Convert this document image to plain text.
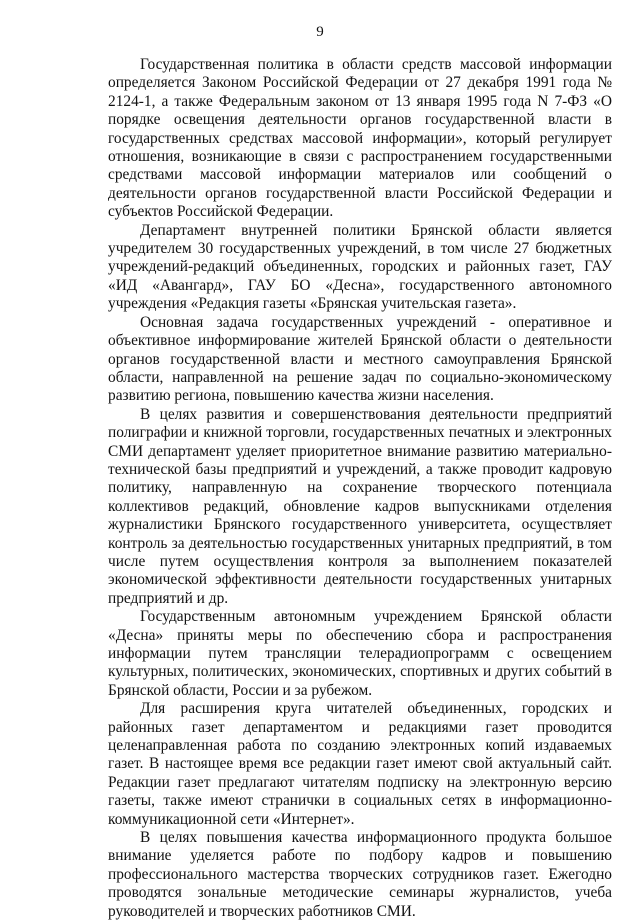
9

Государственная политика в области средств массовой информации определяется Законом Российской Федерации от 27 декабря 1991 года № 2124-1, а также Федеральным законом от 13 января 1995 года N 7-ФЗ «О порядке освещения деятельности органов государственной власти в государственных средствах массовой информации», который регулирует отношения, возникающие в связи с распространением государственными средствами массовой информации материалов или сообщений о деятельности органов государственной власти Российской Федерации и субъектов Российской Федерации.

Департамент внутренней политики Брянской области является учредителем 30 государственных учреждений, в том числе 27 бюджетных учреждений-редакций объединенных, городских и районных газет, ГАУ «ИД «Авангард», ГАУ БО «Десна», государственного автономного учреждения «Редакция газеты «Брянская учительская газета».

Основная задача государственных учреждений - оперативное и объективное информирование жителей Брянской области о деятельности органов государственной власти и местного самоуправления Брянской области, направленной на решение задач по социально-экономическому развитию региона, повышению качества жизни населения.

В целях развития и совершенствования деятельности предприятий полиграфии и книжной торговли, государственных печатных и электронных СМИ департамент уделяет приоритетное внимание развитию материально-технической базы предприятий и учреждений, а также проводит кадровую политику, направленную на сохранение творческого потенциала коллективов редакций, обновление кадров выпускниками отделения журналистики Брянского государственного университета, осуществляет контроль за деятельностью государственных унитарных предприятий, в том числе путем осуществления контроля за выполнением показателей экономической эффективности деятельности государственных унитарных предприятий и др.

Государственным автономным учреждением Брянской области «Десна» приняты меры по обеспечению сбора и распространения информации путем трансляции телерадиопрограмм с освещением культурных, политических, экономических, спортивных и других событий в Брянской области, России и за рубежом.

Для расширения круга читателей объединенных, городских и районных газет департаментом и редакциями газет проводится целенаправленная работа по созданию электронных копий издаваемых газет. В настоящее время все редакции газет имеют свой актуальный сайт. Редакции газет предлагают читателям подписку на электронную версию газеты, также имеют странички в социальных сетях в информационно-коммуникационной сети «Интернет».

В целях повышения качества информационного продукта большое внимание уделяется работе по подбору кадров и повышению профессионального мастерства творческих сотрудников газет. Ежегодно проводятся зональные методические семинары журналистов, учеба руководителей и творческих работников СМИ.
